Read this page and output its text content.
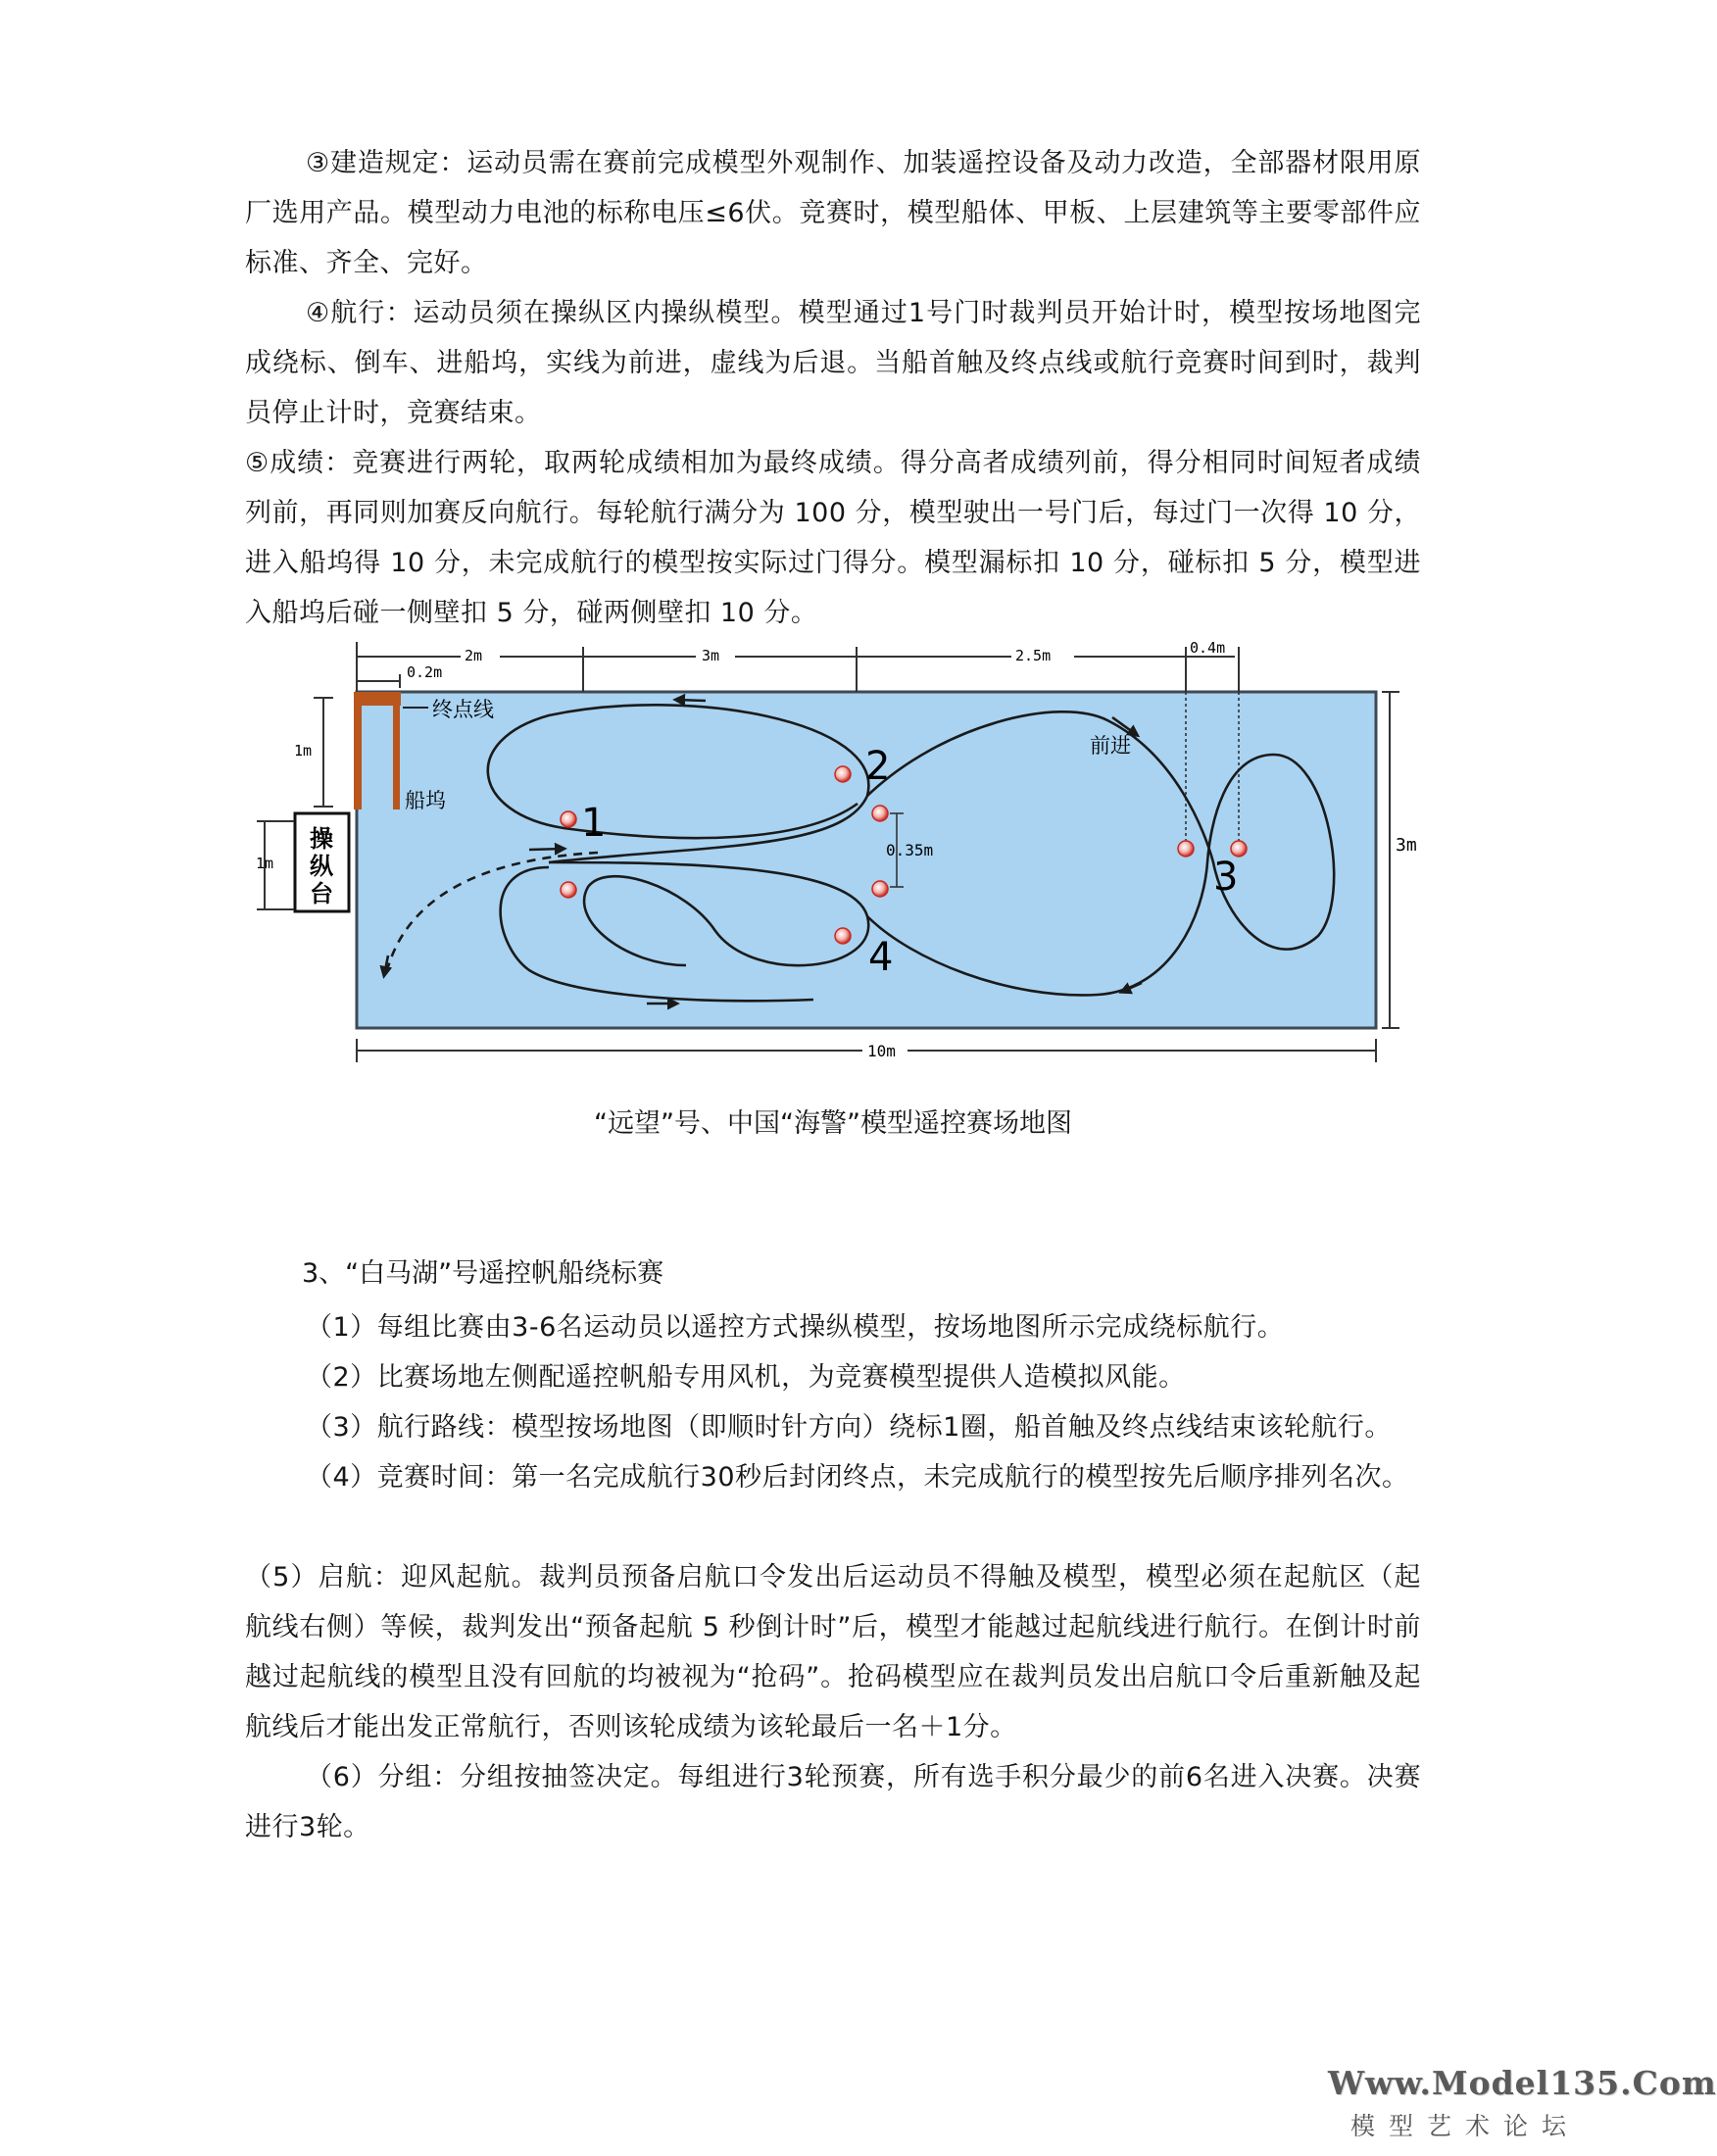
③建造规定：运动员需在赛前完成模型外观制作、加装遥控设备及动力改造，全部器材限用原厂选用产品。模型动力电池的标称电压≤6伏。竞赛时，模型船体、甲板、上层建筑等主要零部件应标准、齐全、完好。

④航行：运动员须在操纵区内操纵模型。模型通过1号门时裁判员开始计时，模型按场地图完成绕标、倒车、进船坞，实线为前进，虚线为后退。当船首触及终点线或航行竞赛时间到时，裁判员停止计时，竞赛结束。

⑤成绩：竞赛进行两轮，取两轮成绩相加为最终成绩。得分高者成绩列前，得分相同时间短者成绩列前，再同则加赛反向航行。每轮航行满分为 100 分，模型驶出一号门后，每过门一次得 10 分，进入船坞得 10 分，未完成航行的模型按实际过门得分。模型漏标扣 10 分，碰标扣 5 分，模型进入船坞后碰一侧壁扣 5 分，碰两侧壁扣 10 分。

操
纵
台
0.2m
2m	3m	2.5m	0.4m
1m
1m
3m
10m
终点线
船坞
前进
0.35m
1
2
3
4

“远望”号、中国“海警”模型遥控赛场地图

3、“白马湖”号遥控帆船绕标赛

（1）每组比赛由3-6名运动员以遥控方式操纵模型，按场地图所示完成绕标航行。

（2）比赛场地左侧配遥控帆船专用风机，为竞赛模型提供人造模拟风能。

（3）航行路线：模型按场地图（即顺时针方向）绕标1圈，船首触及终点线结束该轮航行。

（4）竞赛时间：第一名完成航行30秒后封闭终点，未完成航行的模型按先后顺序排列名次。

（5）启航：迎风起航。裁判员预备启航口令发出后运动员不得触及模型，模型必须在起航区（起航线右侧）等候，裁判发出“预备起航 5 秒倒计时”后，模型才能越过起航线进行航行。在倒计时前越过起航线的模型且没有回航的均被视为“抢码”。抢码模型应在裁判员发出启航口令后重新触及起航线后才能出发正常航行，否则该轮成绩为该轮最后一名＋1分。

（6）分组：分组按抽签决定。每组进行3轮预赛，所有选手积分最少的前6名进入决赛。决赛进行3轮。

Www.Model135.Com
模型艺术论坛
